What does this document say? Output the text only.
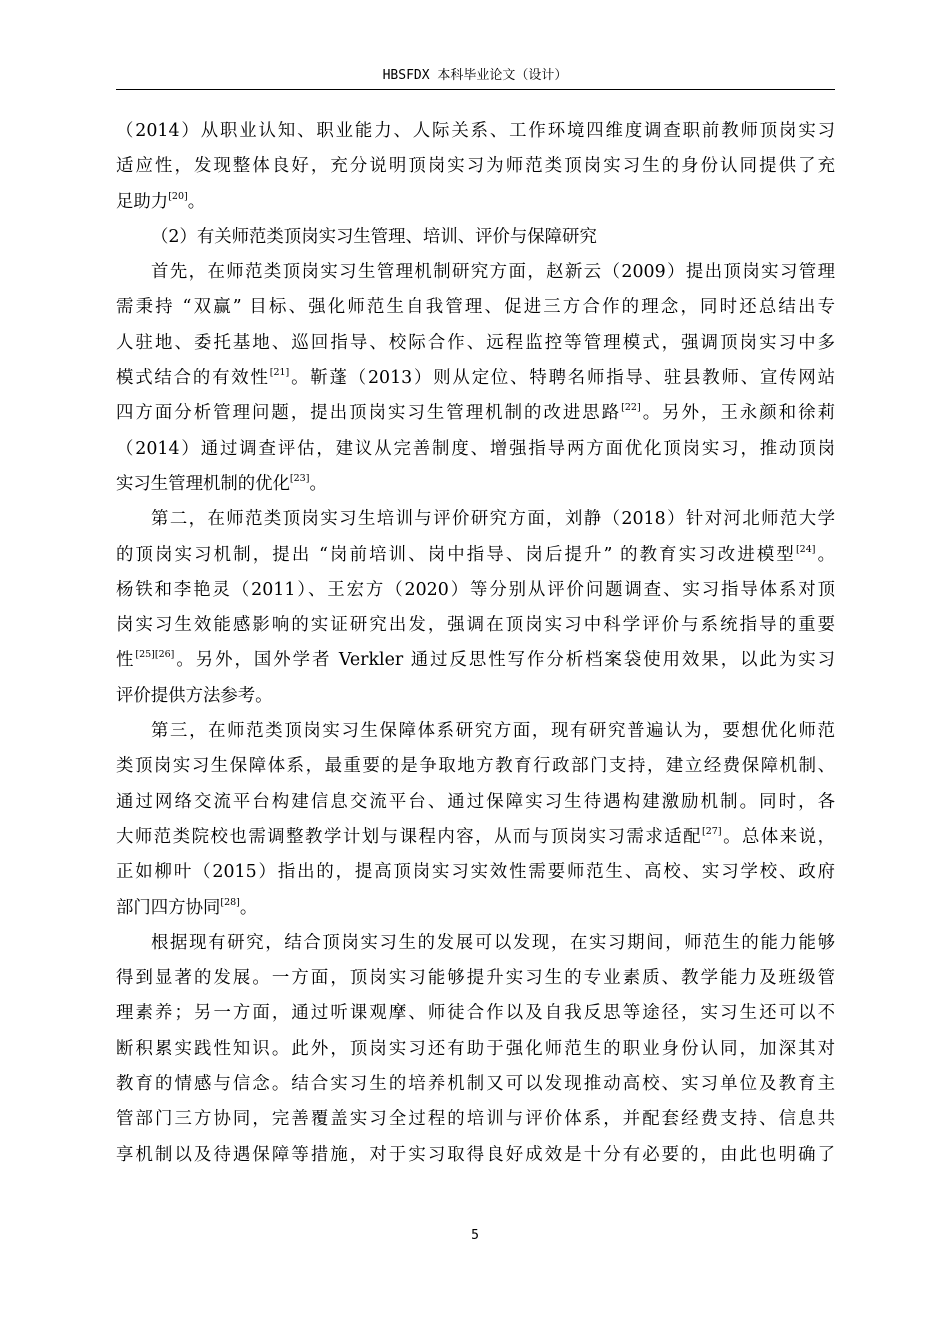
HBSFDX 本科毕业论文（设计）
（2014）从职业认知、职业能力、人际关系、工作环境四维度调查职前教师顶岗实习
适应性，发现整体良好，充分说明顶岗实习为师范类顶岗实习生的身份认同提供了充
足助力[20]。
（2）有关师范类顶岗实习生管理、培训、评价与保障研究
首先，在师范类顶岗实习生管理机制研究方面，赵新云（2009）提出顶岗实习管理
需秉持 “双赢” 目标、强化师范生自我管理、促进三方合作的理念，同时还总结出专
人驻地、委托基地、巡回指导、校际合作、远程监控等管理模式，强调顶岗实习中多
模式结合的有效性[21]。靳蓬（2013）则从定位、特聘名师指导、驻县教师、宣传网站
四方面分析管理问题，提出顶岗实习生管理机制的改进思路[22]。另外，王永颜和徐莉
（2014）通过调查评估，建议从完善制度、增强指导两方面优化顶岗实习，推动顶岗
实习生管理机制的优化[23]。
第二，在师范类顶岗实习生培训与评价研究方面，刘静（2018）针对河北师范大学
的顶岗实习机制，提出 “岗前培训、岗中指导、岗后提升” 的教育实习改进模型[24]。
杨铁和李艳灵（2011）、王宏方（2020）等分别从评价问题调查、实习指导体系对顶
岗实习生效能感影响的实证研究出发，强调在顶岗实习中科学评价与系统指导的重要
性[25][26]。另外，国外学者 Verkler 通过反思性写作分析档案袋使用效果，以此为实习
评价提供方法参考。
第三，在师范类顶岗实习生保障体系研究方面，现有研究普遍认为，要想优化师范
类顶岗实习生保障体系，最重要的是争取地方教育行政部门支持，建立经费保障机制、
通过网络交流平台构建信息交流平台、通过保障实习生待遇构建激励机制。同时，各
大师范类院校也需调整教学计划与课程内容，从而与顶岗实习需求适配[27]。总体来说，
正如柳叶（2015）指出的，提高顶岗实习实效性需要师范生、高校、实习学校、政府
部门四方协同[28]。
根据现有研究，结合顶岗实习生的发展可以发现，在实习期间，师范生的能力能够
得到显著的发展。一方面，顶岗实习能够提升实习生的专业素质、教学能力及班级管
理素养；另一方面，通过听课观摩、师徒合作以及自我反思等途径，实习生还可以不
断积累实践性知识。此外，顶岗实习还有助于强化师范生的职业身份认同，加深其对
教育的情感与信念。结合实习生的培养机制又可以发现推动高校、实习单位及教育主
管部门三方协同，完善覆盖实习全过程的培训与评价体系，并配套经费支持、信息共
享机制以及待遇保障等措施，对于实习取得良好成效是十分有必要的，由此也明确了
5
